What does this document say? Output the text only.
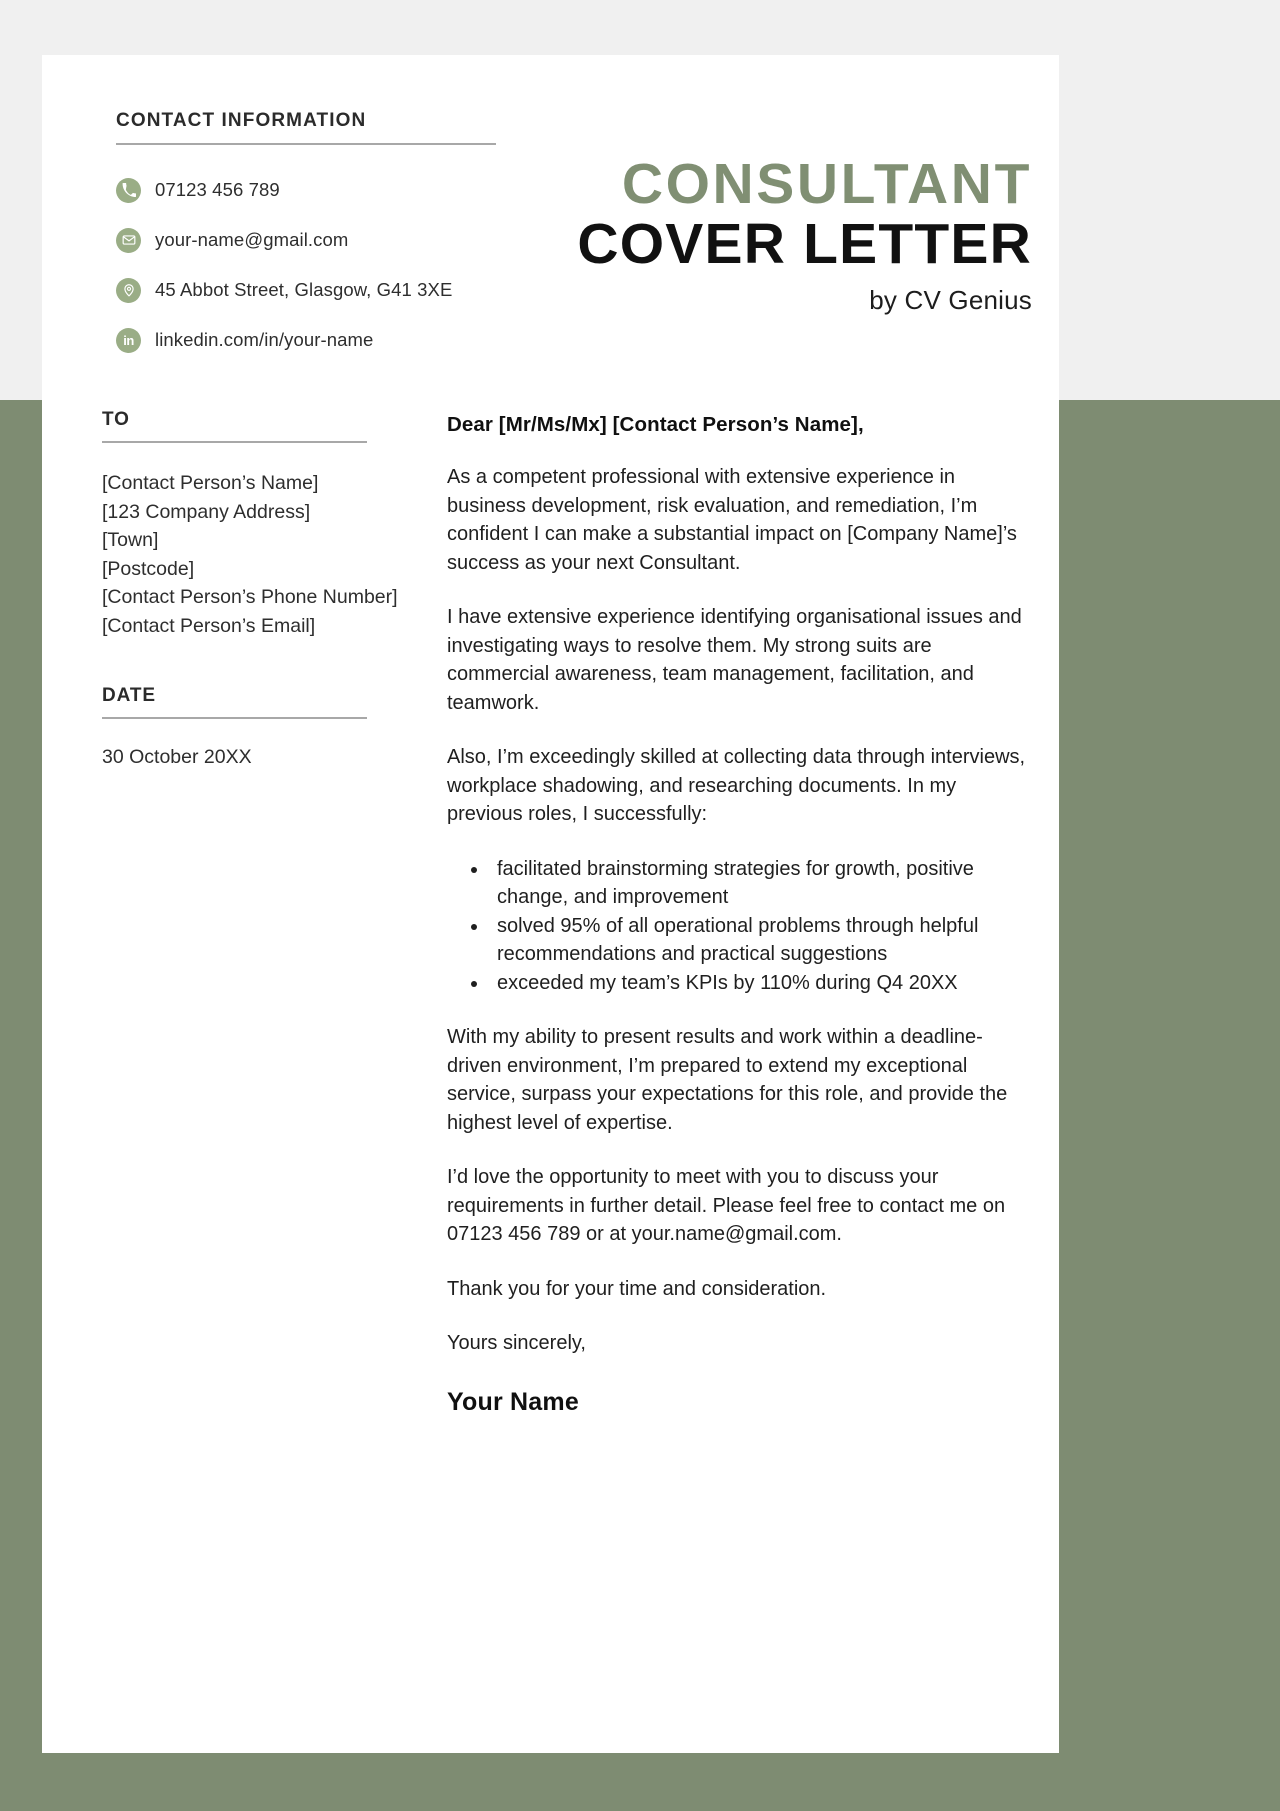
CONTACT INFORMATION
07123 456 789
your-name@gmail.com
45 Abbot Street, Glasgow, G41 3XE
in linkedin.com/in/your-name
CONSULTANT
COVER LETTER
by CV Genius
TO
[Contact Person’s Name]
[123 Company Address]
[Town]
[Postcode]
[Contact Person’s Phone Number]
[Contact Person’s Email]
DATE
30 October 20XX
Dear [Mr/Ms/Mx] [Contact Person’s Name],

As a competent professional with extensive experience in business development, risk evaluation, and remediation, I’m confident I can make a substantial impact on [Company Name]’s success as your next Consultant.

I have extensive experience identifying organisational issues and investigating ways to resolve them. My strong suits are commercial awareness, team management, facilitation, and teamwork.

Also, I’m exceedingly skilled at collecting data through interviews, workplace shadowing, and researching documents. In my previous roles, I successfully:

• facilitated brainstorming strategies for growth, positive change, and improvement
• solved 95% of all operational problems through helpful recommendations and practical suggestions
• exceeded my team’s KPIs by 110% during Q4 20XX

With my ability to present results and work within a deadline-driven environment, I’m prepared to extend my exceptional service, surpass your expectations for this role, and provide the highest level of expertise.

I’d love the opportunity to meet with you to discuss your requirements in further detail. Please feel free to contact me on 07123 456 789 or at your.name@gmail.com.

Thank you for your time and consideration.

Yours sincerely,

Your Name
